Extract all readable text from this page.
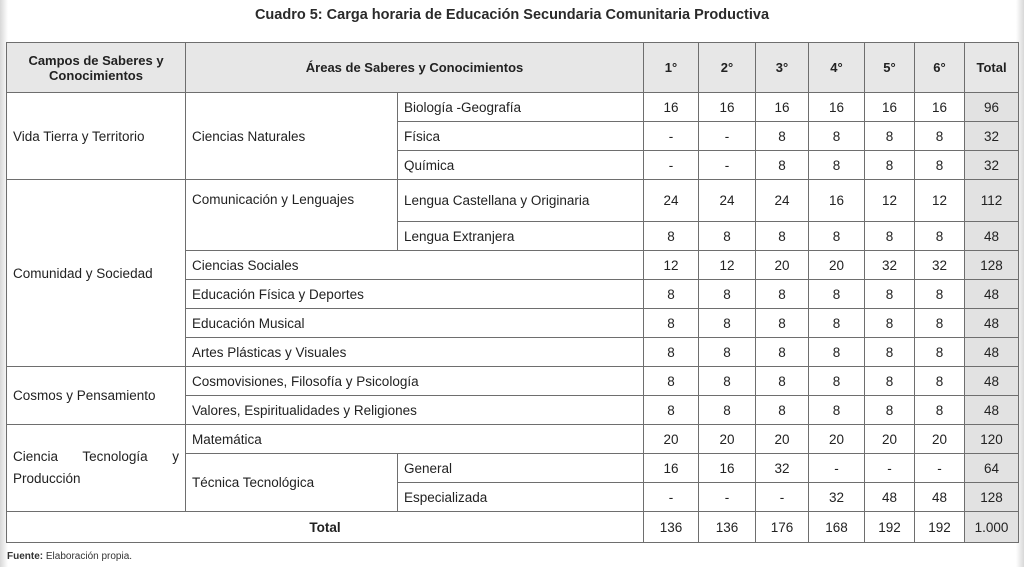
Cuadro 5: Carga horaria de Educación Secundaria Comunitaria Productiva
Campos de Saberes y Conocimientos	Áreas de Saberes y Conocimientos		1°	2°	3°	4°	5°	6°	Total
Vida Tierra y Territorio	Ciencias Naturales	Biología -Geografía	16	16	16	16	16	16	96
		Física	-	-	8	8	8	8	32
		Química	-	-	8	8	8	8	32
Comunidad y Sociedad	Comunicación y Lenguajes	Lengua Castellana y Originaria	24	24	24	16	12	12	112
		Lengua Extranjera	8	8	8	8	8	8	48
	Ciencias Sociales		12	12	20	20	32	32	128
	Educación Física y Deportes		8	8	8	8	8	8	48
	Educación Musical		8	8	8	8	8	8	48
	Artes Plásticas y Visuales		8	8	8	8	8	8	48
Cosmos y Pensamiento	Cosmovisiones, Filosofía y Psicología		8	8	8	8	8	8	48
	Valores, Espiritualidades y Religiones		8	8	8	8	8	8	48
Ciencia Tecnología y Producción	Matemática		20	20	20	20	20	20	120
	Técnica Tecnológica	General	16	16	32	-	-	-	64
		Especializada	-	-	-	32	48	48	128
Total			136	136	176	168	192	192	1.000
Fuente: Elaboración propia.
